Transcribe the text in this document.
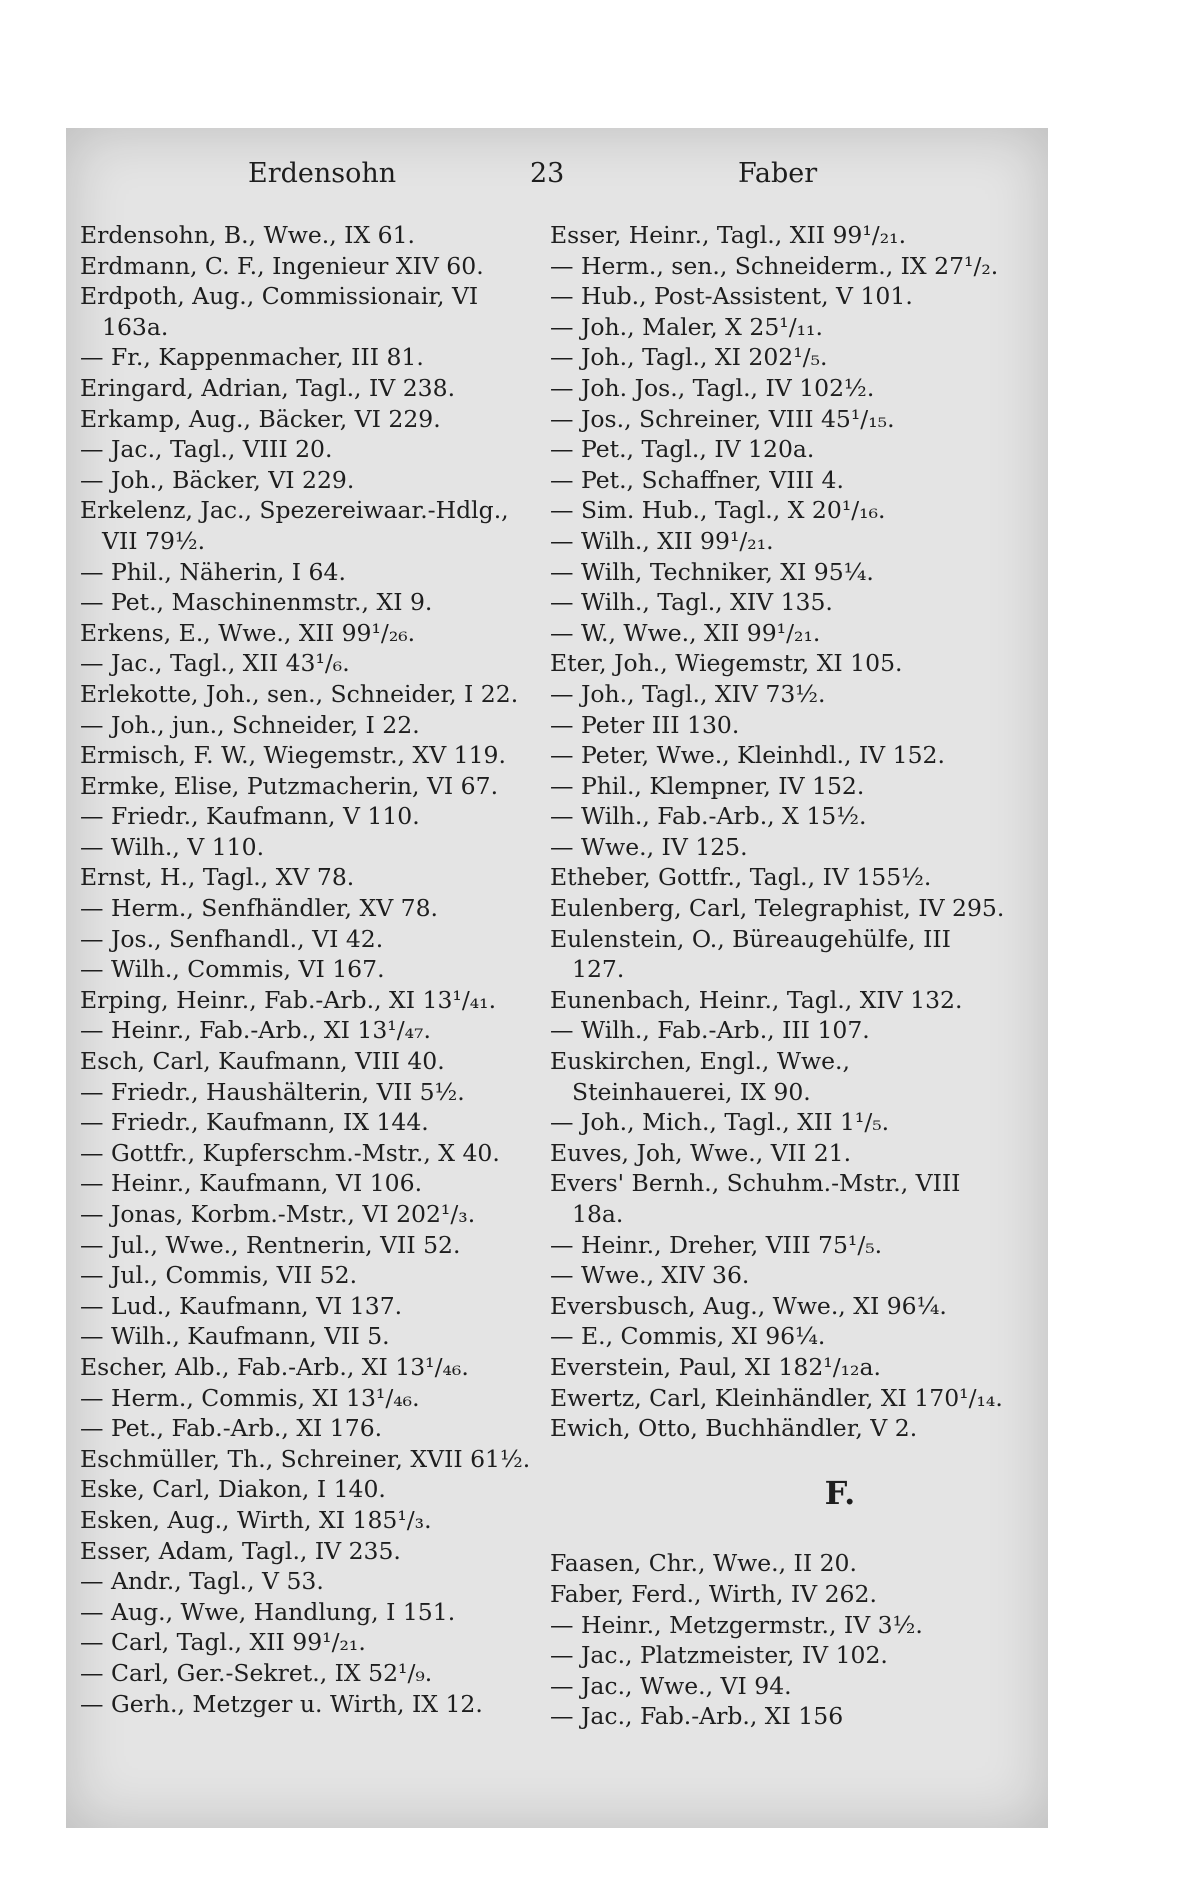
Erdensohn	23	Faber
Erdensohn, B., Wwe., IX 61.
Erdmann, C. F., Ingenieur XIV 60.
Erdpoth, Aug., Commissionair, VI 163a.
— Fr., Kappenmacher, III 81.
Eringard, Adrian, Tagl., IV 238.
Erkamp, Aug., Bäcker, VI 229.
— Jac., Tagl., VIII 20.
— Joh., Bäcker, VI 229.
Erkelenz, Jac., Spezereiwaar.-Hdlg., VII 79½.
— Phil., Näherin, I 64.
— Pet., Maschinenmstr., XI 9.
Erkens, E., Wwe., XII 99¹/₂₆.
— Jac., Tagl., XII 43¹/₆.
Erlekotte, Joh., sen., Schneider, I 22.
— Joh., jun., Schneider, I 22.
Ermisch, F. W., Wiegemstr., XV 119.
Ermke, Elise, Putzmacherin, VI 67.
— Friedr., Kaufmann, V 110.
— Wilh., V 110.
Ernst, H., Tagl., XV 78.
— Herm., Senfhändler, XV 78.
— Jos., Senfhandl., VI 42.
— Wilh., Commis, VI 167.
Erping, Heinr., Fab.-Arb., XI 13¹/₄₁.
— Heinr., Fab.-Arb., XI 13¹/₄₇.
Esch, Carl, Kaufmann, VIII 40.
— Friedr., Haushälterin, VII 5½.
— Friedr., Kaufmann, IX 144.
— Gottfr., Kupferschm.-Mstr., X 40.
— Heinr., Kaufmann, VI 106.
— Jonas, Korbm.-Mstr., VI 202¹/₃.
— Jul., Wwe., Rentnerin, VII 52.
— Jul., Commis, VII 52.
— Lud., Kaufmann, VI 137.
— Wilh., Kaufmann, VII 5.
Escher, Alb., Fab.-Arb., XI 13¹/₄₆.
— Herm., Commis, XI 13¹/₄₆.
— Pet., Fab.-Arb., XI 176.
Eschmüller, Th., Schreiner, XVII 61½.
Eske, Carl, Diakon, I 140.
Esken, Aug., Wirth, XI 185¹/₃.
Esser, Adam, Tagl., IV 235.
— Andr., Tagl., V 53.
— Aug., Wwe, Handlung, I 151.
— Carl, Tagl., XII 99¹/₂₁.
— Carl, Ger.-Sekret., IX 52¹/₉.
— Gerh., Metzger u. Wirth, IX 12.
Esser, Heinr., Tagl., XII 99¹/₂₁.
— Herm., sen., Schneiderm., IX 27¹/₂.
— Hub., Post-Assistent, V 101.
— Joh., Maler, X 25¹/₁₁.
— Joh., Tagl., XI 202¹/₅.
— Joh. Jos., Tagl., IV 102½.
— Jos., Schreiner, VIII 45¹/₁₅.
— Pet., Tagl., IV 120a.
— Pet., Schaffner, VIII 4.
— Sim. Hub., Tagl., X 20¹/₁₆.
— Wilh., XII 99¹/₂₁.
— Wilh, Techniker, XI 95¼.
— Wilh., Tagl., XIV 135.
— W., Wwe., XII 99¹/₂₁.
Eter, Joh., Wiegemstr, XI 105.
— Joh., Tagl., XIV 73½.
— Peter III 130.
— Peter, Wwe., Kleinhdl., IV 152.
— Phil., Klempner, IV 152.
— Wilh., Fab.-Arb., X 15½.
— Wwe., IV 125.
Etheber, Gottfr., Tagl., IV 155½.
Eulenberg, Carl, Telegraphist, IV 295.
Eulenstein, O., Büreaugehülfe, III 127.
Eunenbach, Heinr., Tagl., XIV 132.
— Wilh., Fab.-Arb., III 107.
Euskirchen, Engl., Wwe., Steinhauerei, IX 90.
— Joh., Mich., Tagl., XII 1¹/₅.
Euves, Joh, Wwe., VII 21.
Evers' Bernh., Schuhm.-Mstr., VIII 18a.
— Heinr., Dreher, VIII 75¹/₅.
— Wwe., XIV 36.
Eversbusch, Aug., Wwe., XI 96¼.
— E., Commis, XI 96¼.
Everstein, Paul, XI 182¹/₁₂a.
Ewertz, Carl, Kleinhändler, XI 170¹/₁₄.
Ewich, Otto, Buchhändler, V 2.
F.
Faasen, Chr., Wwe., II 20.
Faber, Ferd., Wirth, IV 262.
— Heinr., Metzgermstr., IV 3½.
— Jac., Platzmeister, IV 102.
— Jac., Wwe., VI 94.
— Jac., Fab.-Arb., XI 156
